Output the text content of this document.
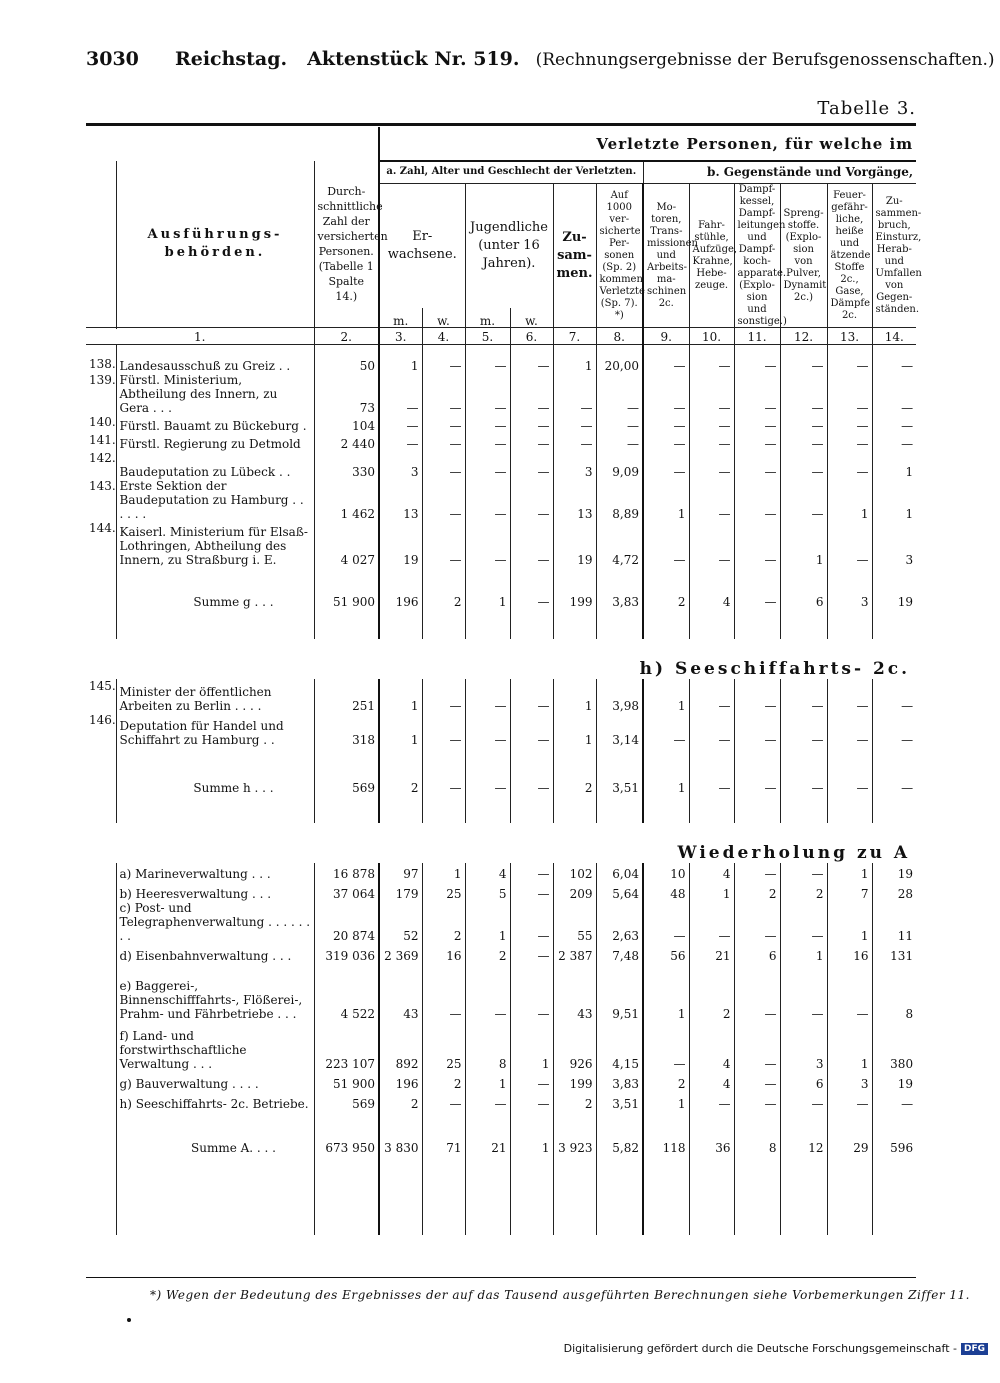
3030 Reichstag. Aktenstück Nr. 519. (Rechnungsergebnisse der Berufsgenossenschaften.)
Tabelle 3.
			Verletzte Personen, für welche im											
	Ausführungs-behörden.	Durch-schnittliche Zahl der versicherten Personen. (Tabelle 1 Spalte 14.)	a. Zahl, Alter und Geschlecht der Verletzten.						b. Gegenstände und Vorgänge,					
			Er-wachsene.		Jugendliche (unter 16 Jahren).		Zu-sam-men.	Auf 1000 ver-sicherte Per-sonen (Sp. 2) kommen Verletzte (Sp. 7). *)	Mo-toren, Trans-missionen und Arbeits-ma-schinen 2c.	Fahr-stühle, Aufzüge, Krahne, Hebe-zeuge.	Dampf-kessel, Dampf-leitungen und Dampf-koch-apparate. (Explo-sion und sonstige.)	Spreng-stoffe. (Explo-sion von Pulver, Dynamit 2c.)	Feuer-gefähr-liche, heiße und ätzende Stoffe 2c., Gase, Dämpfe 2c.	Zu-sammen-bruch, Einsturz, Herab-und Umfallen von Gegen-ständen.
			m.	w.	m.	w.								

1.		2.	3.	4.	5.	6.	7.	8.	9.	10.	11.	12.	13.	14.

138.	Landesausschuß zu Greiz . .	50	1	—	—	—	1	20,00	—	—	—	—	—	—
139.	Fürstl. Ministerium, Abtheilung des Innern, zu Gera . . .	73	—	—	—	—	—	—	—	—	—	—	—	—
140.	Fürstl. Bauamt zu Bückeburg .	104	—	—	—	—	—	—	—	—	—	—	—	—
141.	Fürstl. Regierung zu Detmold	2 440	—	—	—	—	—	—	—	—	—	—	—	—
142.	Baudeputation zu Lübeck . .	330	3	—	—	—	3	9,09	—	—	—	—	—	1
143.	Erste Sektion der Baudeputation zu Hamburg . . . . . .	1 462	13	—	—	—	13	8,89	1	—	—	—	1	1
144.	Kaiserl. Ministerium für Elsaß-Lothringen, Abtheilung des Innern, zu Straßburg i. E.	4 027	19	—	—	—	19	4,72	—	—	—	1	—	3
	Summe g . . .	51 900	196	2	1	—	199	3,83	2	4	—	6	3	19

h) Seeschiffahrts- 2c.														
145.	Minister der öffentlichen Arbeiten zu Berlin . . . .	251	1	—	—	—	1	3,98	1	—	—	—	—	—
146.	Deputation für Handel und Schiffahrt zu Hamburg . .	318	1	—	—	—	1	3,14	—	—	—	—	—	—
	Summe h . . .	569	2	—	—	—	2	3,51	1	—	—	—	—	—

Wiederholung zu A														
	a) Marineverwaltung . . .	16 878	97	1	4	—	102	6,04	10	4	—	—	1	19
	b) Heeresverwaltung . . .	37 064	179	25	5	—	209	5,64	48	1	2	2	7	28
	c) Post- und Telegraphenverwaltung . . . . . . . .	20 874	52	2	1	—	55	2,63	—	—	—	—	1	11
	d) Eisenbahnverwaltung . . .	319 036	2 369	16	2	—	2 387	7,48	56	21	6	1	16	131
	e) Baggerei-, Binnenschifffahrts-, Flößerei-, Prahm- und Fährbetriebe . . .	4 522	43	—	—	—	43	9,51	1	2	—	—	—	8
	f) Land- und forstwirthschaftliche Verwaltung . . .	223 107	892	25	8	1	926	4,15	—	4	—	3	1	380
	g) Bauverwaltung . . . .	51 900	196	2	1	—	199	3,83	2	4	—	6	3	19
	h) Seeschiffahrts- 2c. Betriebe.	569	2	—	—	—	2	3,51	1	—	—	—	—	—
	Summe A. . . .	673 950	3 830	71	21	1	3 923	5,82	118	36	8	12	29	596

*) Wegen der Bedeutung des Ergebnisses der auf das Tausend ausgeführten Berechnungen siehe Vorbemerkungen Ziffer 11.
Digitalisierung gefördert durch die Deutsche Forschungsgemeinschaft - DFG
